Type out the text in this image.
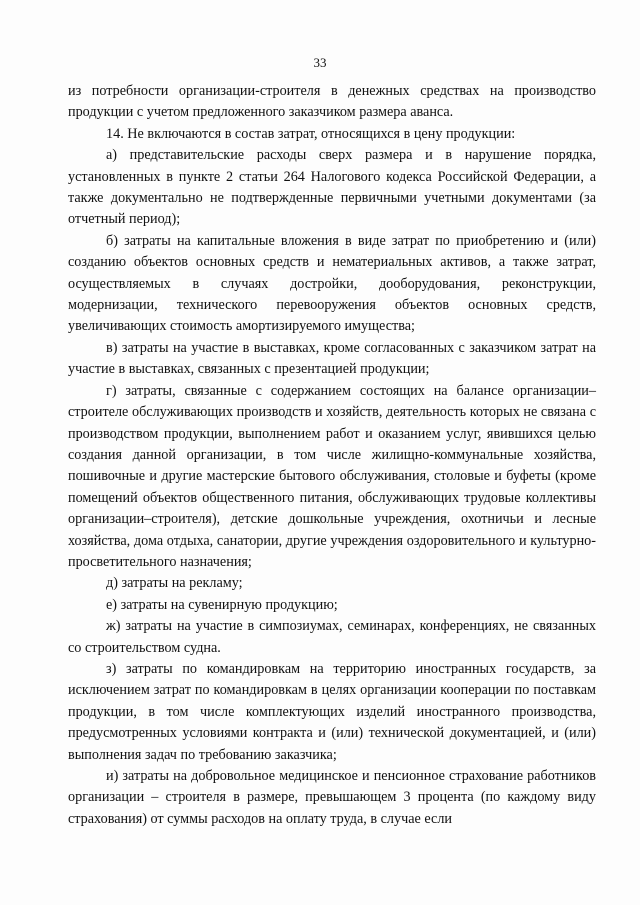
33

из потребности организации-строителя в денежных средствах на производство продукции с учетом предложенного заказчиком размера аванса.

14. Не включаются в состав затрат, относящихся в цену продукции:

а) представительские расходы сверх размера и в нарушение порядка, установленных в пункте 2 статьи 264 Налогового кодекса Российской Федерации, а также документально не подтвержденные первичными учетными документами (за отчетный период);

б) затраты на капитальные вложения в виде затрат по приобретению и (или) созданию объектов основных средств и нематериальных активов, а также затрат, осуществляемых в случаях достройки, дооборудования, реконструкции, модернизации, технического перевооружения объектов основных средств, увеличивающих стоимость амортизируемого имущества;

в) затраты на участие в выставках, кроме согласованных с заказчиком затрат на участие в выставках, связанных с презентацией продукции;

г) затраты, связанные с содержанием состоящих на балансе организации–строителе обслуживающих производств и хозяйств, деятельность которых не связана с производством продукции, выполнением работ и оказанием услуг, явившихся целью создания данной организации, в том числе жилищно-коммунальные хозяйства, пошивочные и другие мастерские бытового обслуживания, столовые и буфеты (кроме помещений объектов общественного питания, обслуживающих трудовые коллективы организации–строителя), детские дошкольные учреждения, охотничьи и лесные хозяйства, дома отдыха, санатории, другие учреждения оздоровительного и культурно-просветительного назначения;

д) затраты на рекламу;

е) затраты на сувенирную продукцию;

ж) затраты на участие в симпозиумах, семинарах, конференциях, не связанных со строительством судна.

з) затраты по командировкам на территорию иностранных государств, за исключением затрат по командировкам в целях организации кооперации по поставкам продукции, в том числе комплектующих изделий иностранного производства, предусмотренных условиями контракта и (или) технической документацией, и (или) выполнения задач по требованию заказчика;

и) затраты на добровольное медицинское и пенсионное страхование работников организации – строителя в размере, превышающем 3 процента (по каждому виду страхования) от суммы расходов на оплату труда, в случае если
